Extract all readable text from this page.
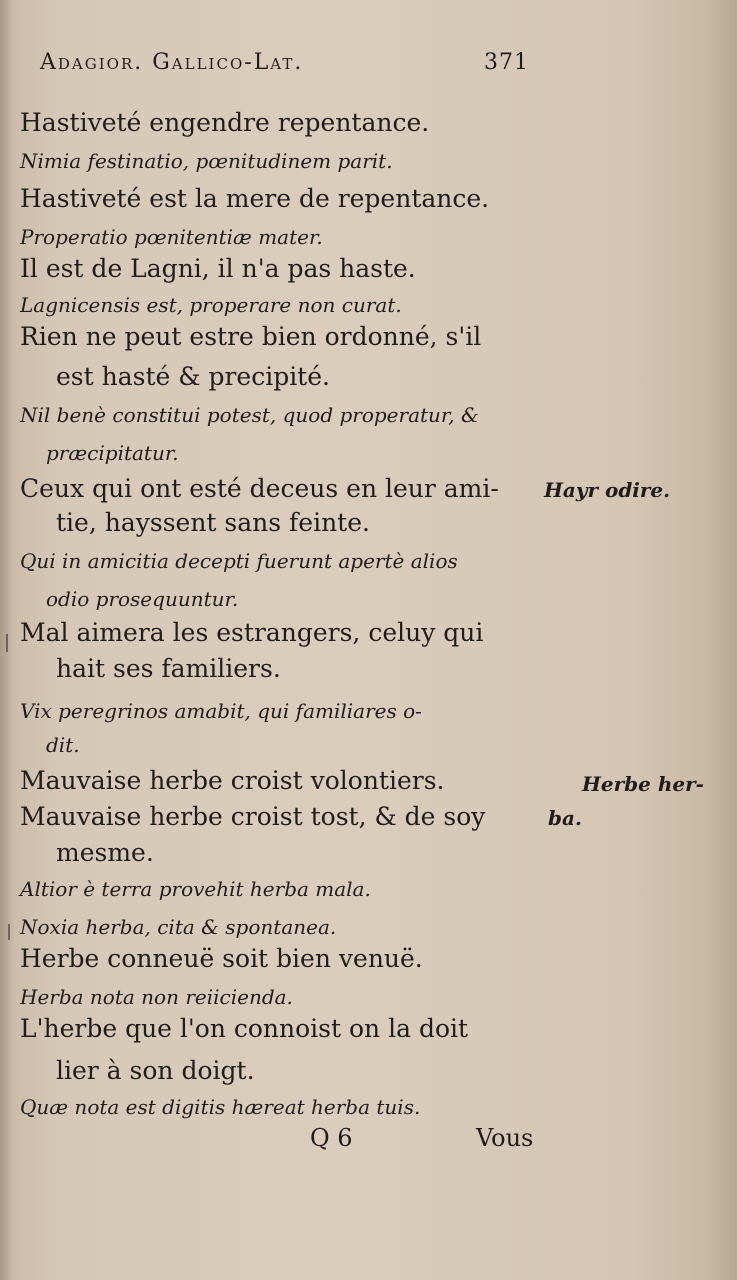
Adagior. Gallico-Lat.	371
Hastiveté engendre repentance.
Nimia festinatio, pœnitudinem parit.
Hastiveté est la mere de repentance.
Properatio pœnitentiæ mater.
Il est de Lagni, il n'a pas haste.
Lagnicensis est, properare non curat.
Rien ne peut estre bien ordonné, s'il
est hasté & precipité.
Nil benè constitui potest, quod properatur, &
præcipitatur.
Ceux qui ont esté deceus en leur ami-
tie, hayssent sans feinte.
Qui in amicitia decepti fuerunt apertè alios
odio prosequuntur.
Mal aimera les estrangers, celuy qui
hait ses familiers.
Vix peregrinos amabit, qui familiares o-
dit.
Mauvaise herbe croist volontiers.
Mauvaise herbe croist tost, & de soy
mesme.
Altior è terra provehit herba mala.
Noxia herba, cita & spontanea.
Herbe conneuë soit bien venuë.
Herba nota non reiicienda.
L'herbe que l'on connoist on la doit
lier à son doigt.
Quæ nota est digitis hæreat herba tuis.
Hayr odire.
Herbe her-
ba.
Q 6	Vous
